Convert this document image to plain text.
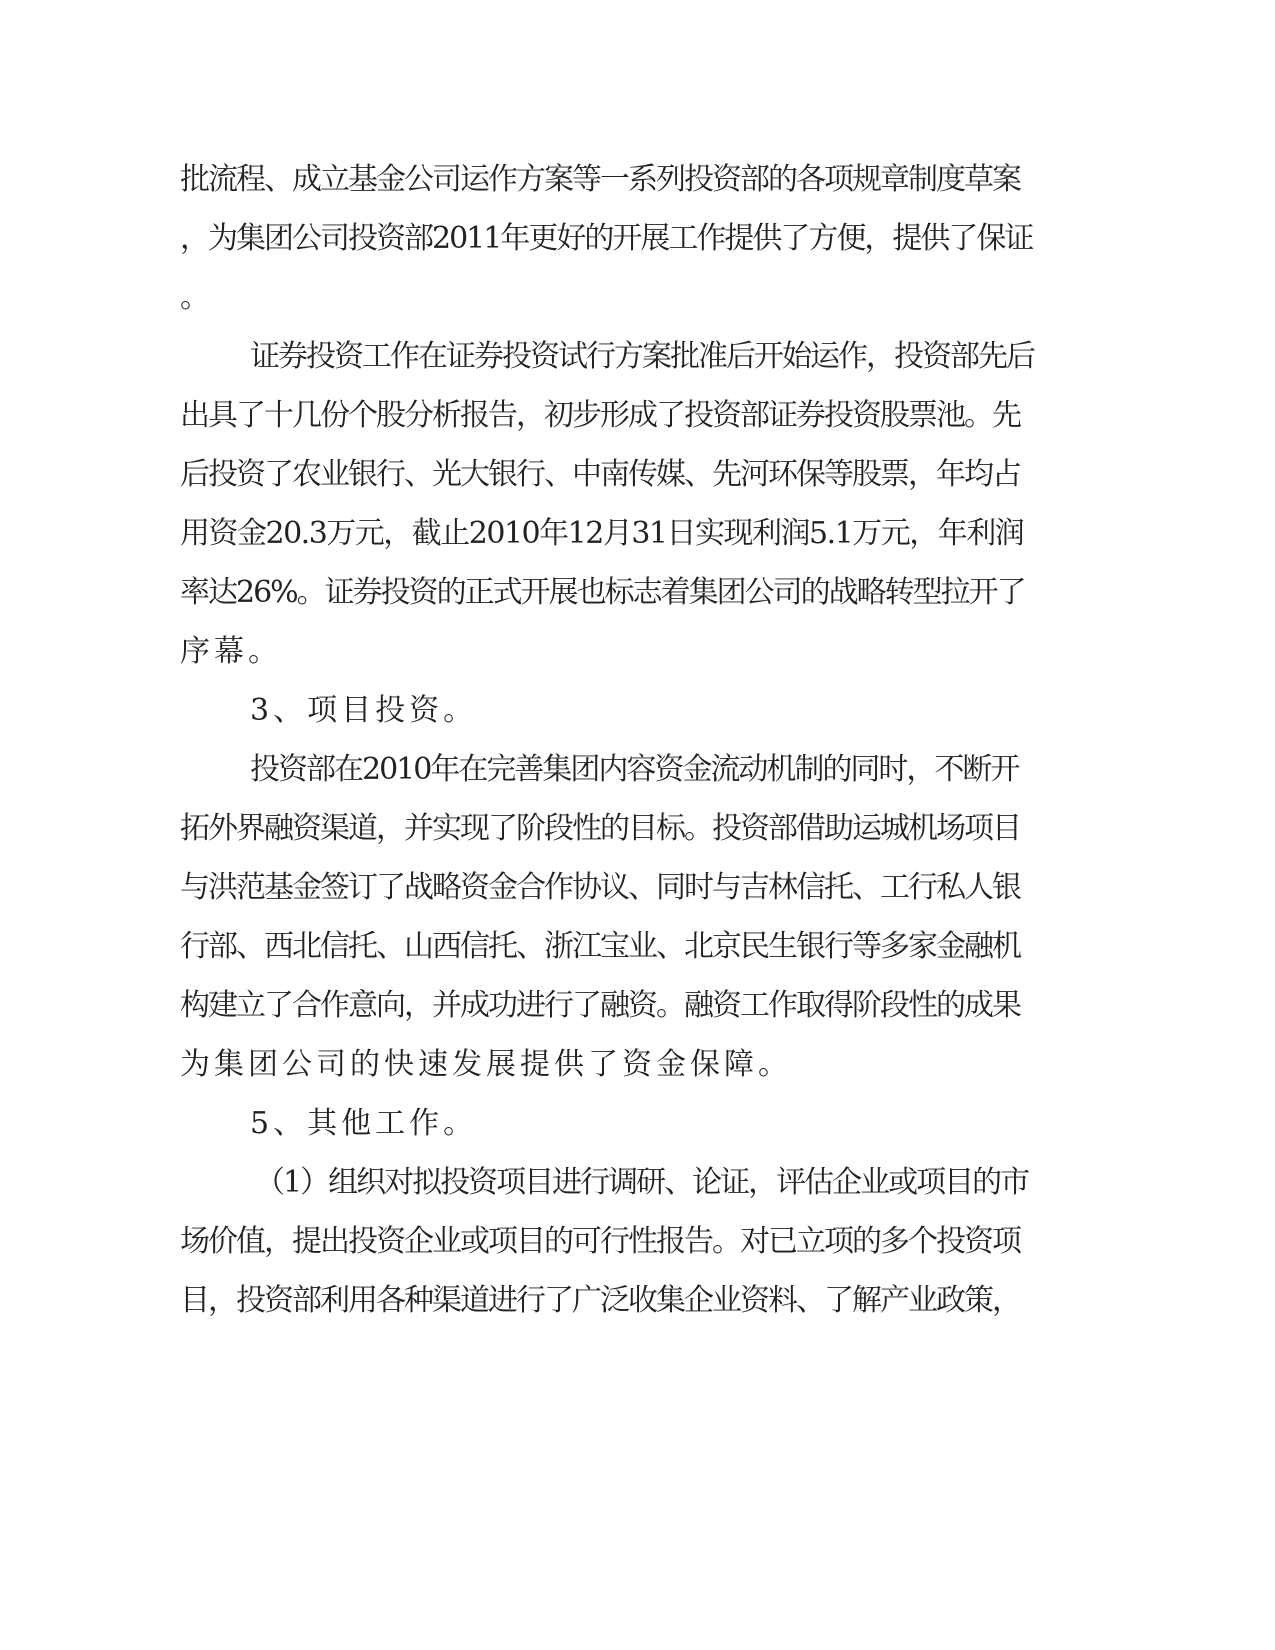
批流程、成立基金公司运作方案等一系列投资部的各项规章制度草案
，为集团公司投资部2011年更好的开展工作提供了方便，提供了保证
。
证券投资工作在证券投资试行方案批准后开始运作，投资部先后
出具了十几份个股分析报告，初步形成了投资部证券投资股票池。先
后投资了农业银行、光大银行、中南传媒、先河环保等股票，年均占
用资金20.3万元，截止2010年12月31日实现利润5.1万元，年利润
率达26%。证券投资的正式开展也标志着集团公司的战略转型拉开了
序幕。
3、项目投资。
投资部在2010年在完善集团内容资金流动机制的同时，不断开
拓外界融资渠道，并实现了阶段性的目标。投资部借助运城机场项目
与洪范基金签订了战略资金合作协议、同时与吉林信托、工行私人银
行部、西北信托、山西信托、浙江宝业、北京民生银行等多家金融机
构建立了合作意向，并成功进行了融资。融资工作取得阶段性的成果
为集团公司的快速发展提供了资金保障。
5、其他工作。
（1）组织对拟投资项目进行调研、论证，评估企业或项目的市
场价值，提出投资企业或项目的可行性报告。对已立项的多个投资项
目，投资部利用各种渠道进行了广泛收集企业资料、了解产业政策，
